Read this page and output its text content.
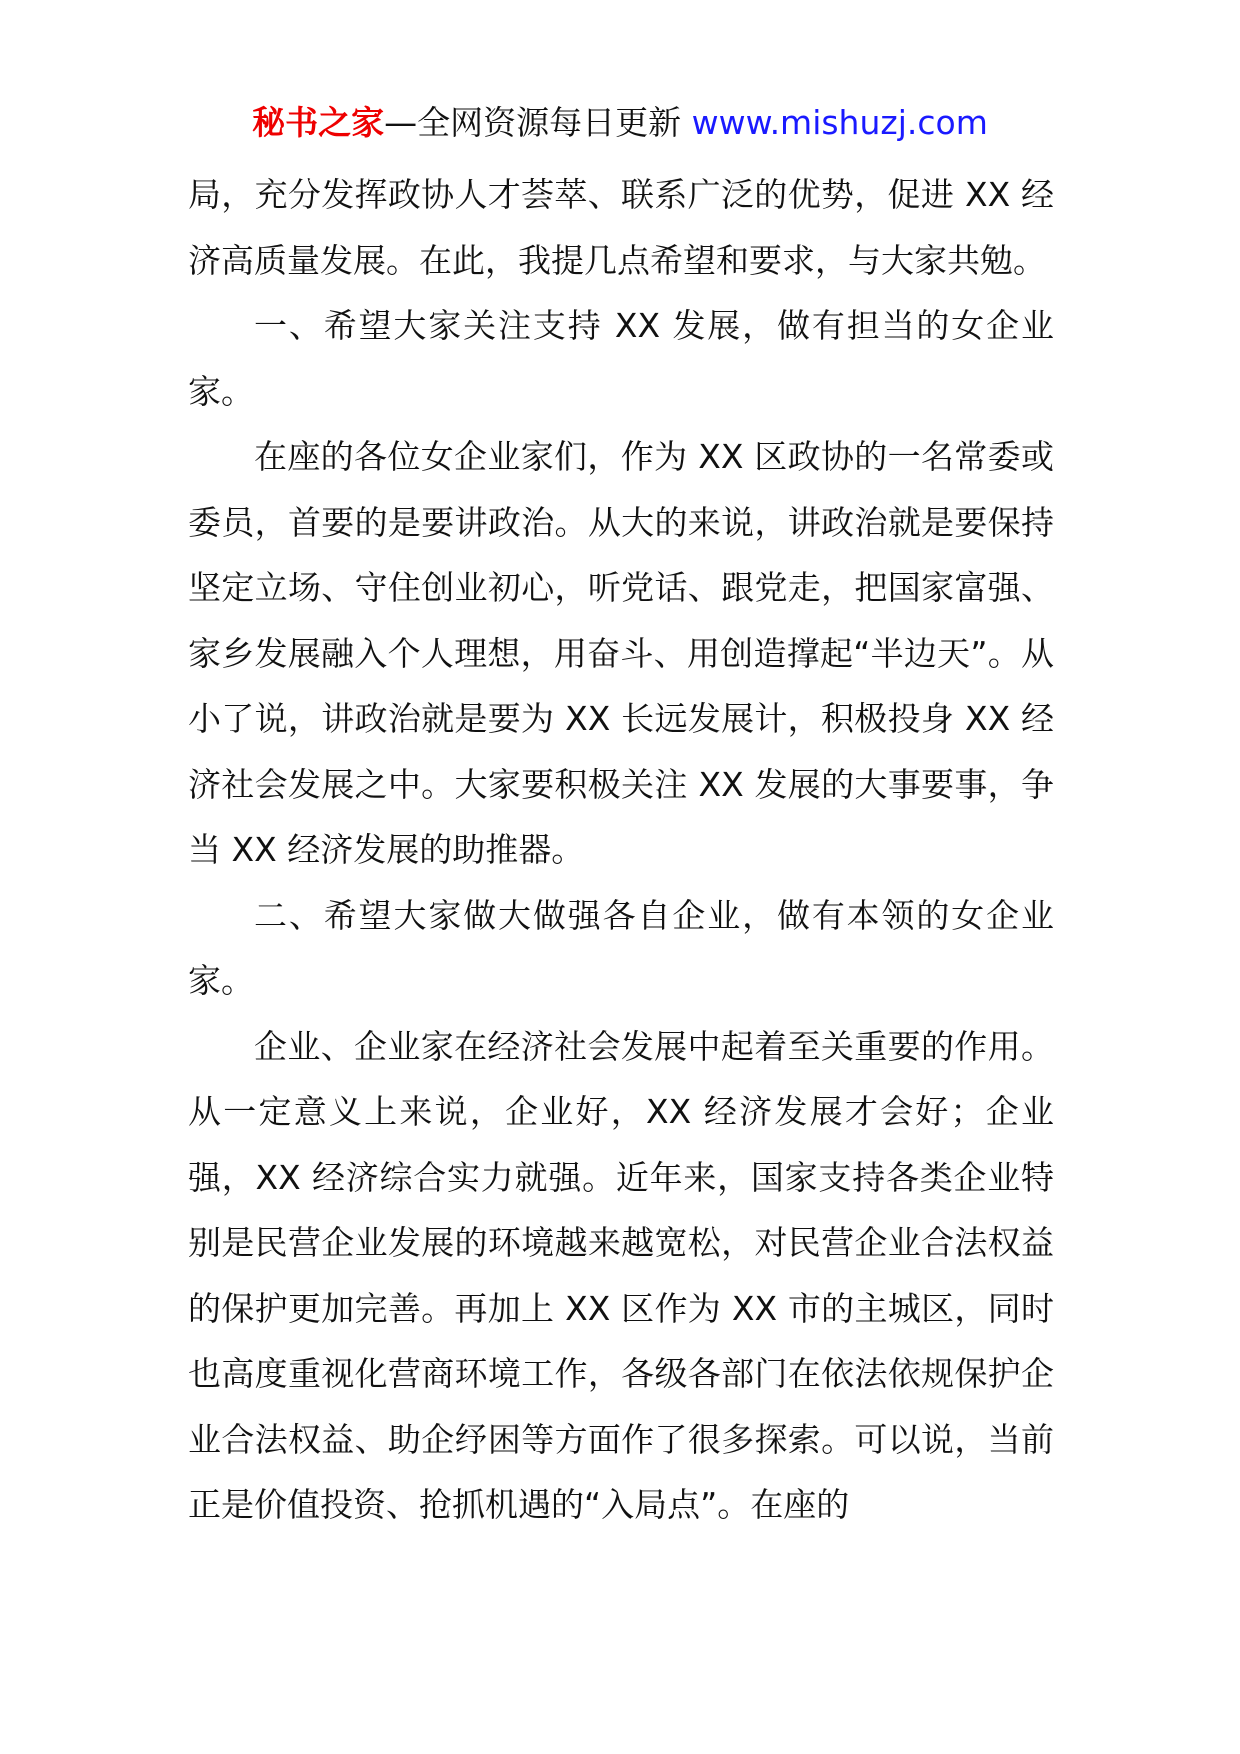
秘书之家—全网资源每日更新 www.mishuzj.com

局，充分发挥政协人才荟萃、联系广泛的优势，促进 XX 经济高质量发展。在此，我提几点希望和要求，与大家共勉。

一、希望大家关注支持 XX 发展，做有担当的女企业家。

在座的各位女企业家们，作为 XX 区政协的一名常委或委员，首要的是要讲政治。从大的来说，讲政治就是要保持坚定立场、守住创业初心，听党话、跟党走，把国家富强、家乡发展融入个人理想，用奋斗、用创造撑起“半边天”。从小了说，讲政治就是要为 XX 长远发展计，积极投身 XX 经济社会发展之中。大家要积极关注 XX 发展的大事要事，争当 XX 经济发展的助推器。

二、希望大家做大做强各自企业，做有本领的女企业家。

企业、企业家在经济社会发展中起着至关重要的作用。从一定意义上来说，企业好，XX 经济发展才会好；企业强，XX 经济综合实力就强。近年来，国家支持各类企业特别是民营企业发展的环境越来越宽松，对民营企业合法权益的保护更加完善。再加上 XX 区作为 XX 市的主城区，同时也高度重视化营商环境工作，各级各部门在依法依规保护企业合法权益、助企纾困等方面作了很多探索。可以说，当前正是价值投资、抢抓机遇的“入局点”。在座的
